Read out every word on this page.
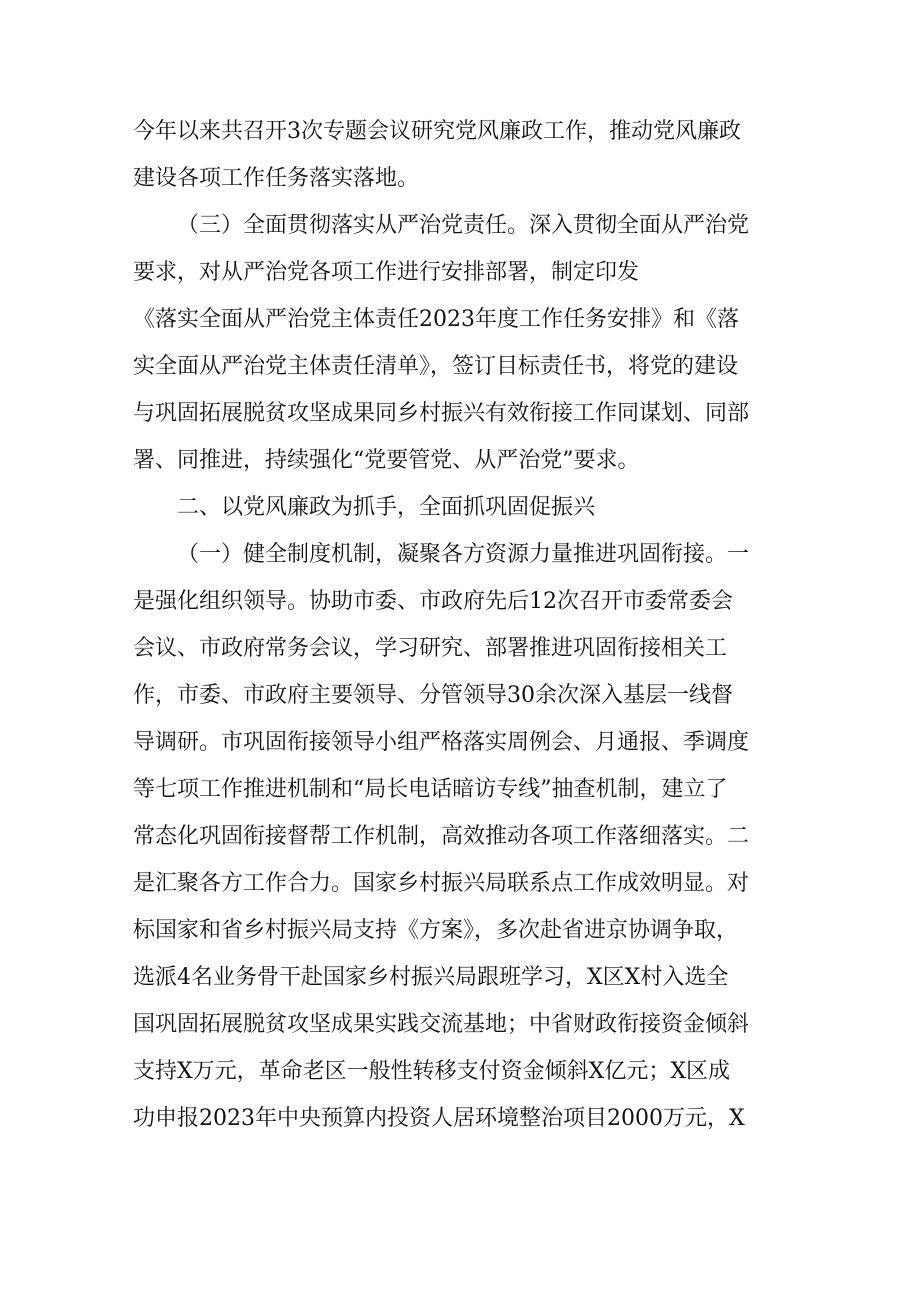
今年以来共召开3次专题会议研究党风廉政工作，推动党风廉政
建设各项工作任务落实落地。
（三）全面贯彻落实从严治党责任。深入贯彻全面从严治党
要求，对从严治党各项工作进行安排部署，制定印发
《落实全面从严治党主体责任2023年度工作任务安排》和《落
实全面从严治党主体责任清单》，签订目标责任书，将党的建设
与巩固拓展脱贫攻坚成果同乡村振兴有效衔接工作同谋划、同部
署、同推进，持续强化“党要管党、从严治党”要求。
二、以党风廉政为抓手，全面抓巩固促振兴
（一）健全制度机制，凝聚各方资源力量推进巩固衔接。一
是强化组织领导。协助市委、市政府先后12次召开市委常委会
会议、市政府常务会议，学习研究、部署推进巩固衔接相关工
作，市委、市政府主要领导、分管领导30余次深入基层一线督
导调研。市巩固衔接领导小组严格落实周例会、月通报、季调度
等七项工作推进机制和“局长电话暗访专线”抽查机制，建立了
常态化巩固衔接督帮工作机制，高效推动各项工作落细落实。二
是汇聚各方工作合力。国家乡村振兴局联系点工作成效明显。对
标国家和省乡村振兴局支持《方案》，多次赴省进京协调争取，
选派4名业务骨干赴国家乡村振兴局跟班学习，X区X村入选全
国巩固拓展脱贫攻坚成果实践交流基地；中省财政衔接资金倾斜
支持X万元，革命老区一般性转移支付资金倾斜X亿元；X区成
功申报2023年中央预算内投资人居环境整治项目2000万元，X
